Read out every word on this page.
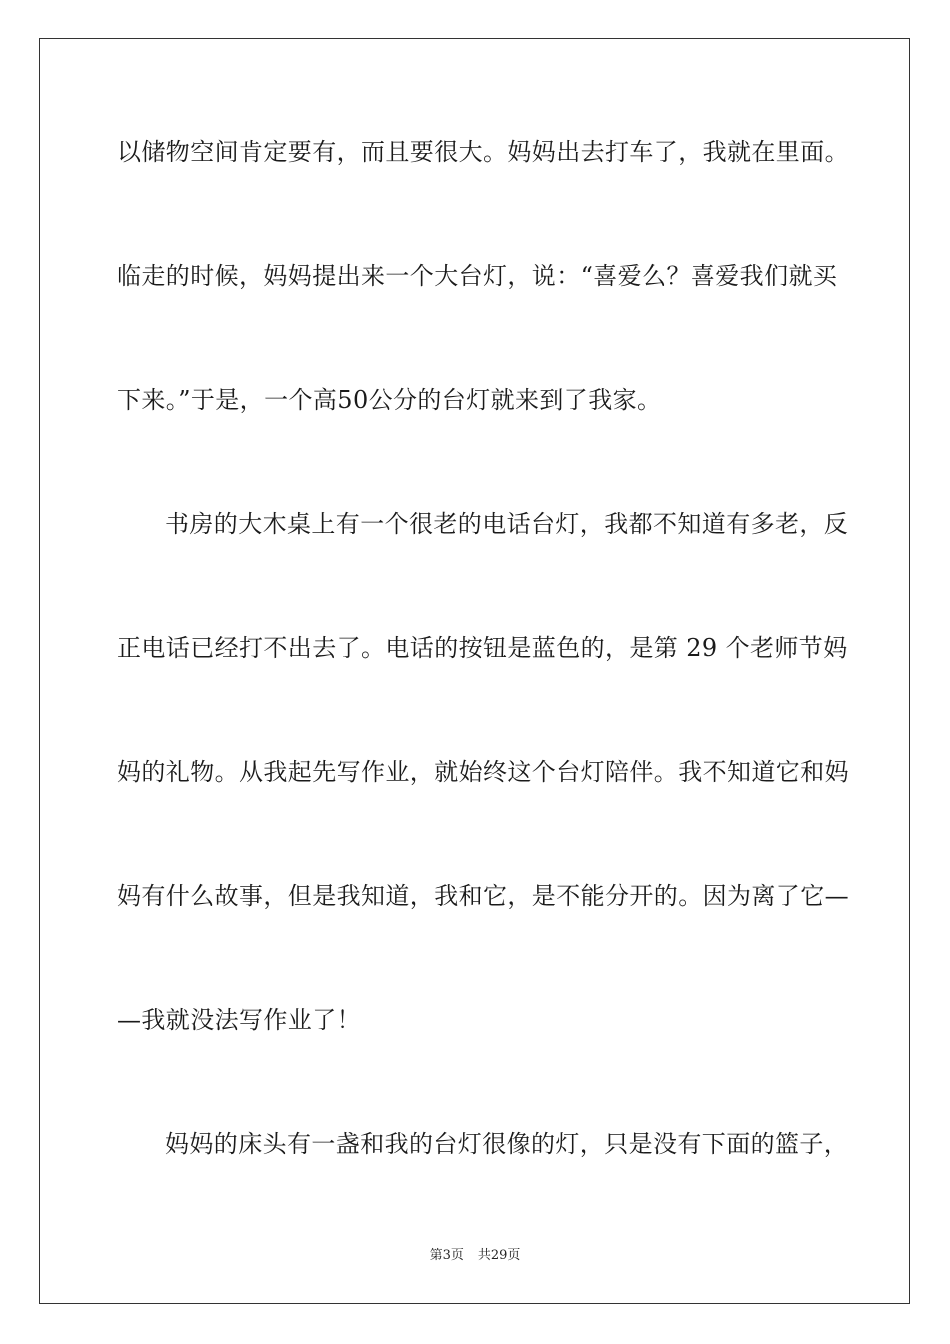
以储物空间肯定要有，而且要很大。妈妈出去打车了，我就在里面。
临走的时候，妈妈提出来一个大台灯，说：“喜爱么？喜爱我们就买
下来。”于是，一个高50公分的台灯就来到了我家。
书房的大木桌上有一个很老的电话台灯，我都不知道有多老，反
正电话已经打不出去了。电话的按钮是蓝色的，是第 29 个老师节妈
妈的礼物。从我起先写作业，就始终这个台灯陪伴。我不知道它和妈
妈有什么故事，但是我知道，我和它，是不能分开的。因为离了它—
—我就没法写作业了！
妈妈的床头有一盏和我的台灯很像的灯，只是没有下面的篮子，
第3页 共29页
